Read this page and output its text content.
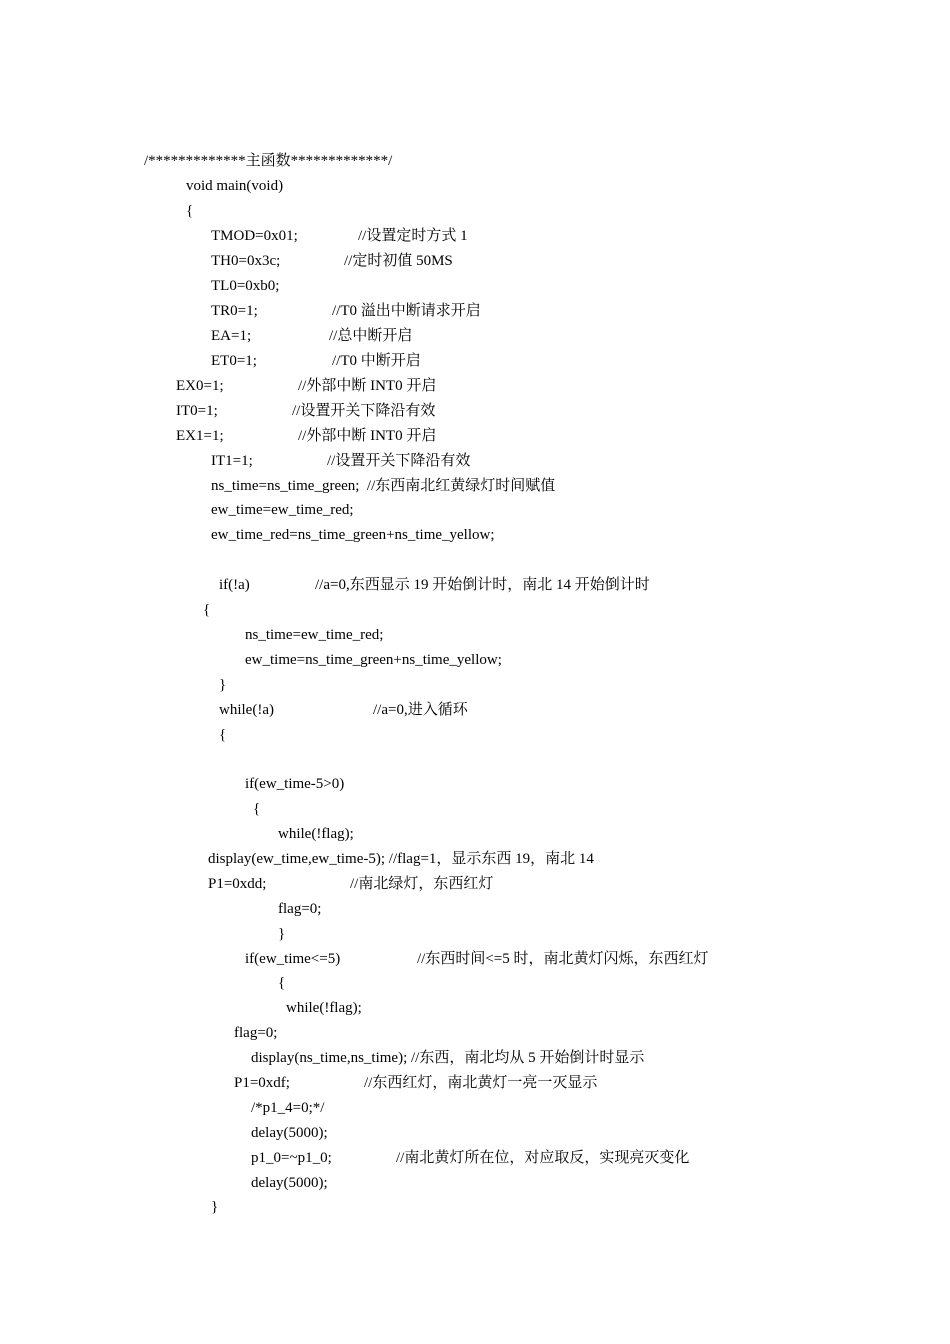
/*************主函数*************/
void main(void)
{
TMOD=0x01;	//设置定时方式 1
TH0=0x3c;	//定时初值 50MS
TL0=0xb0;
TR0=1;	//T0 溢出中断请求开启
EA=1;	//总中断开启
ET0=1;	//T0 中断开启
EX0=1;	//外部中断 INT0 开启
IT0=1;	//设置开关下降沿有效
EX1=1;	//外部中断 INT0 开启
IT1=1;	//设置开关下降沿有效
ns_time=ns_time_green;  //东西南北红黄绿灯时间赋值
ew_time=ew_time_red;
ew_time_red=ns_time_green+ns_time_yellow;
if(!a)	//a=0,东西显示 19 开始倒计时，南北 14 开始倒计时
{
ns_time=ew_time_red;
ew_time=ns_time_green+ns_time_yellow;
}
while(!a)	//a=0,进入循环
{
if(ew_time-5>0)
{
while(!flag);
display(ew_time,ew_time-5); //flag=1，显示东西 19，南北 14
P1=0xdd;	//南北绿灯，东西红灯
flag=0;
}
if(ew_time<=5)	//东西时间<=5 时，南北黄灯闪烁，东西红灯
{
while(!flag);
flag=0;
display(ns_time,ns_time); //东西，南北均从 5 开始倒计时显示
P1=0xdf;	//东西红灯，南北黄灯一亮一灭显示
/*p1_4=0;*/
delay(5000);
p1_0=~p1_0;	//南北黄灯所在位，对应取反，实现亮灭变化
delay(5000);
}
